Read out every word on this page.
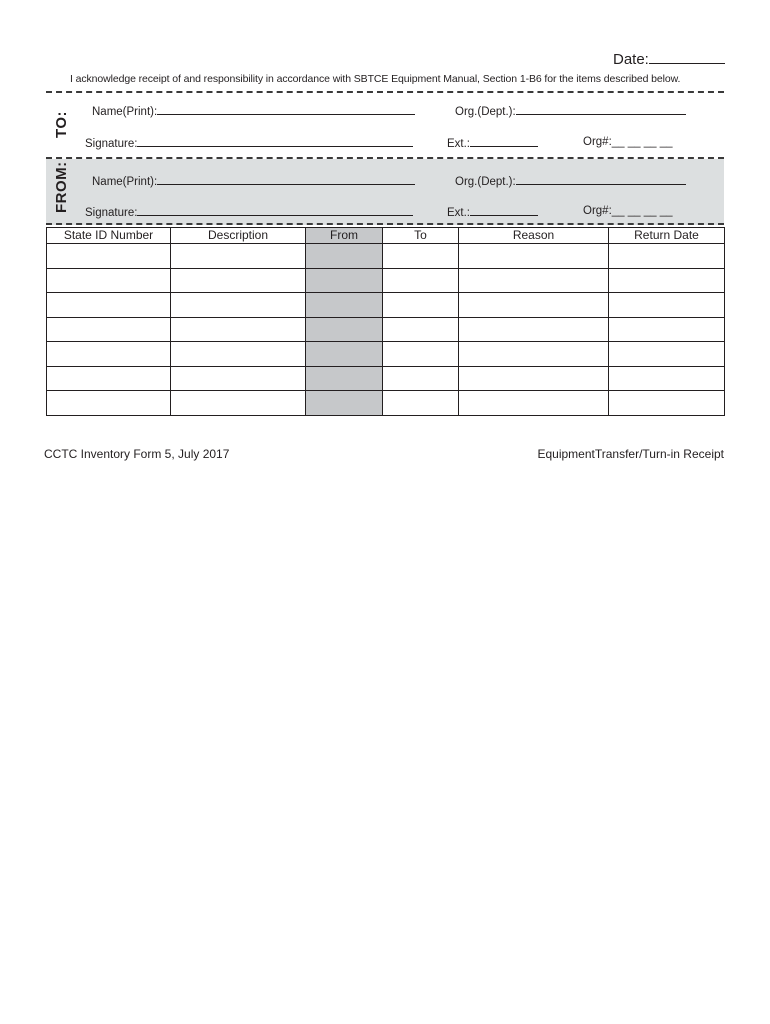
Date:
I acknowledge receipt of and responsibility in accordance with SBTCE Equipment Manual, Section 1-B6 for the items described below.
TO: Name(Print):	Org.(Dept.):
Signature:	Ext.:	Org#:__ __ __ __
FROM: Name(Print):	Org.(Dept.):
Signature:	Ext.:	Org#:__ __ __ __
State ID Number	Description	From	To	Reason	Return Date

CCTC Inventory Form 5, July 2017	EquipmentTransfer/Turn-in Receipt
